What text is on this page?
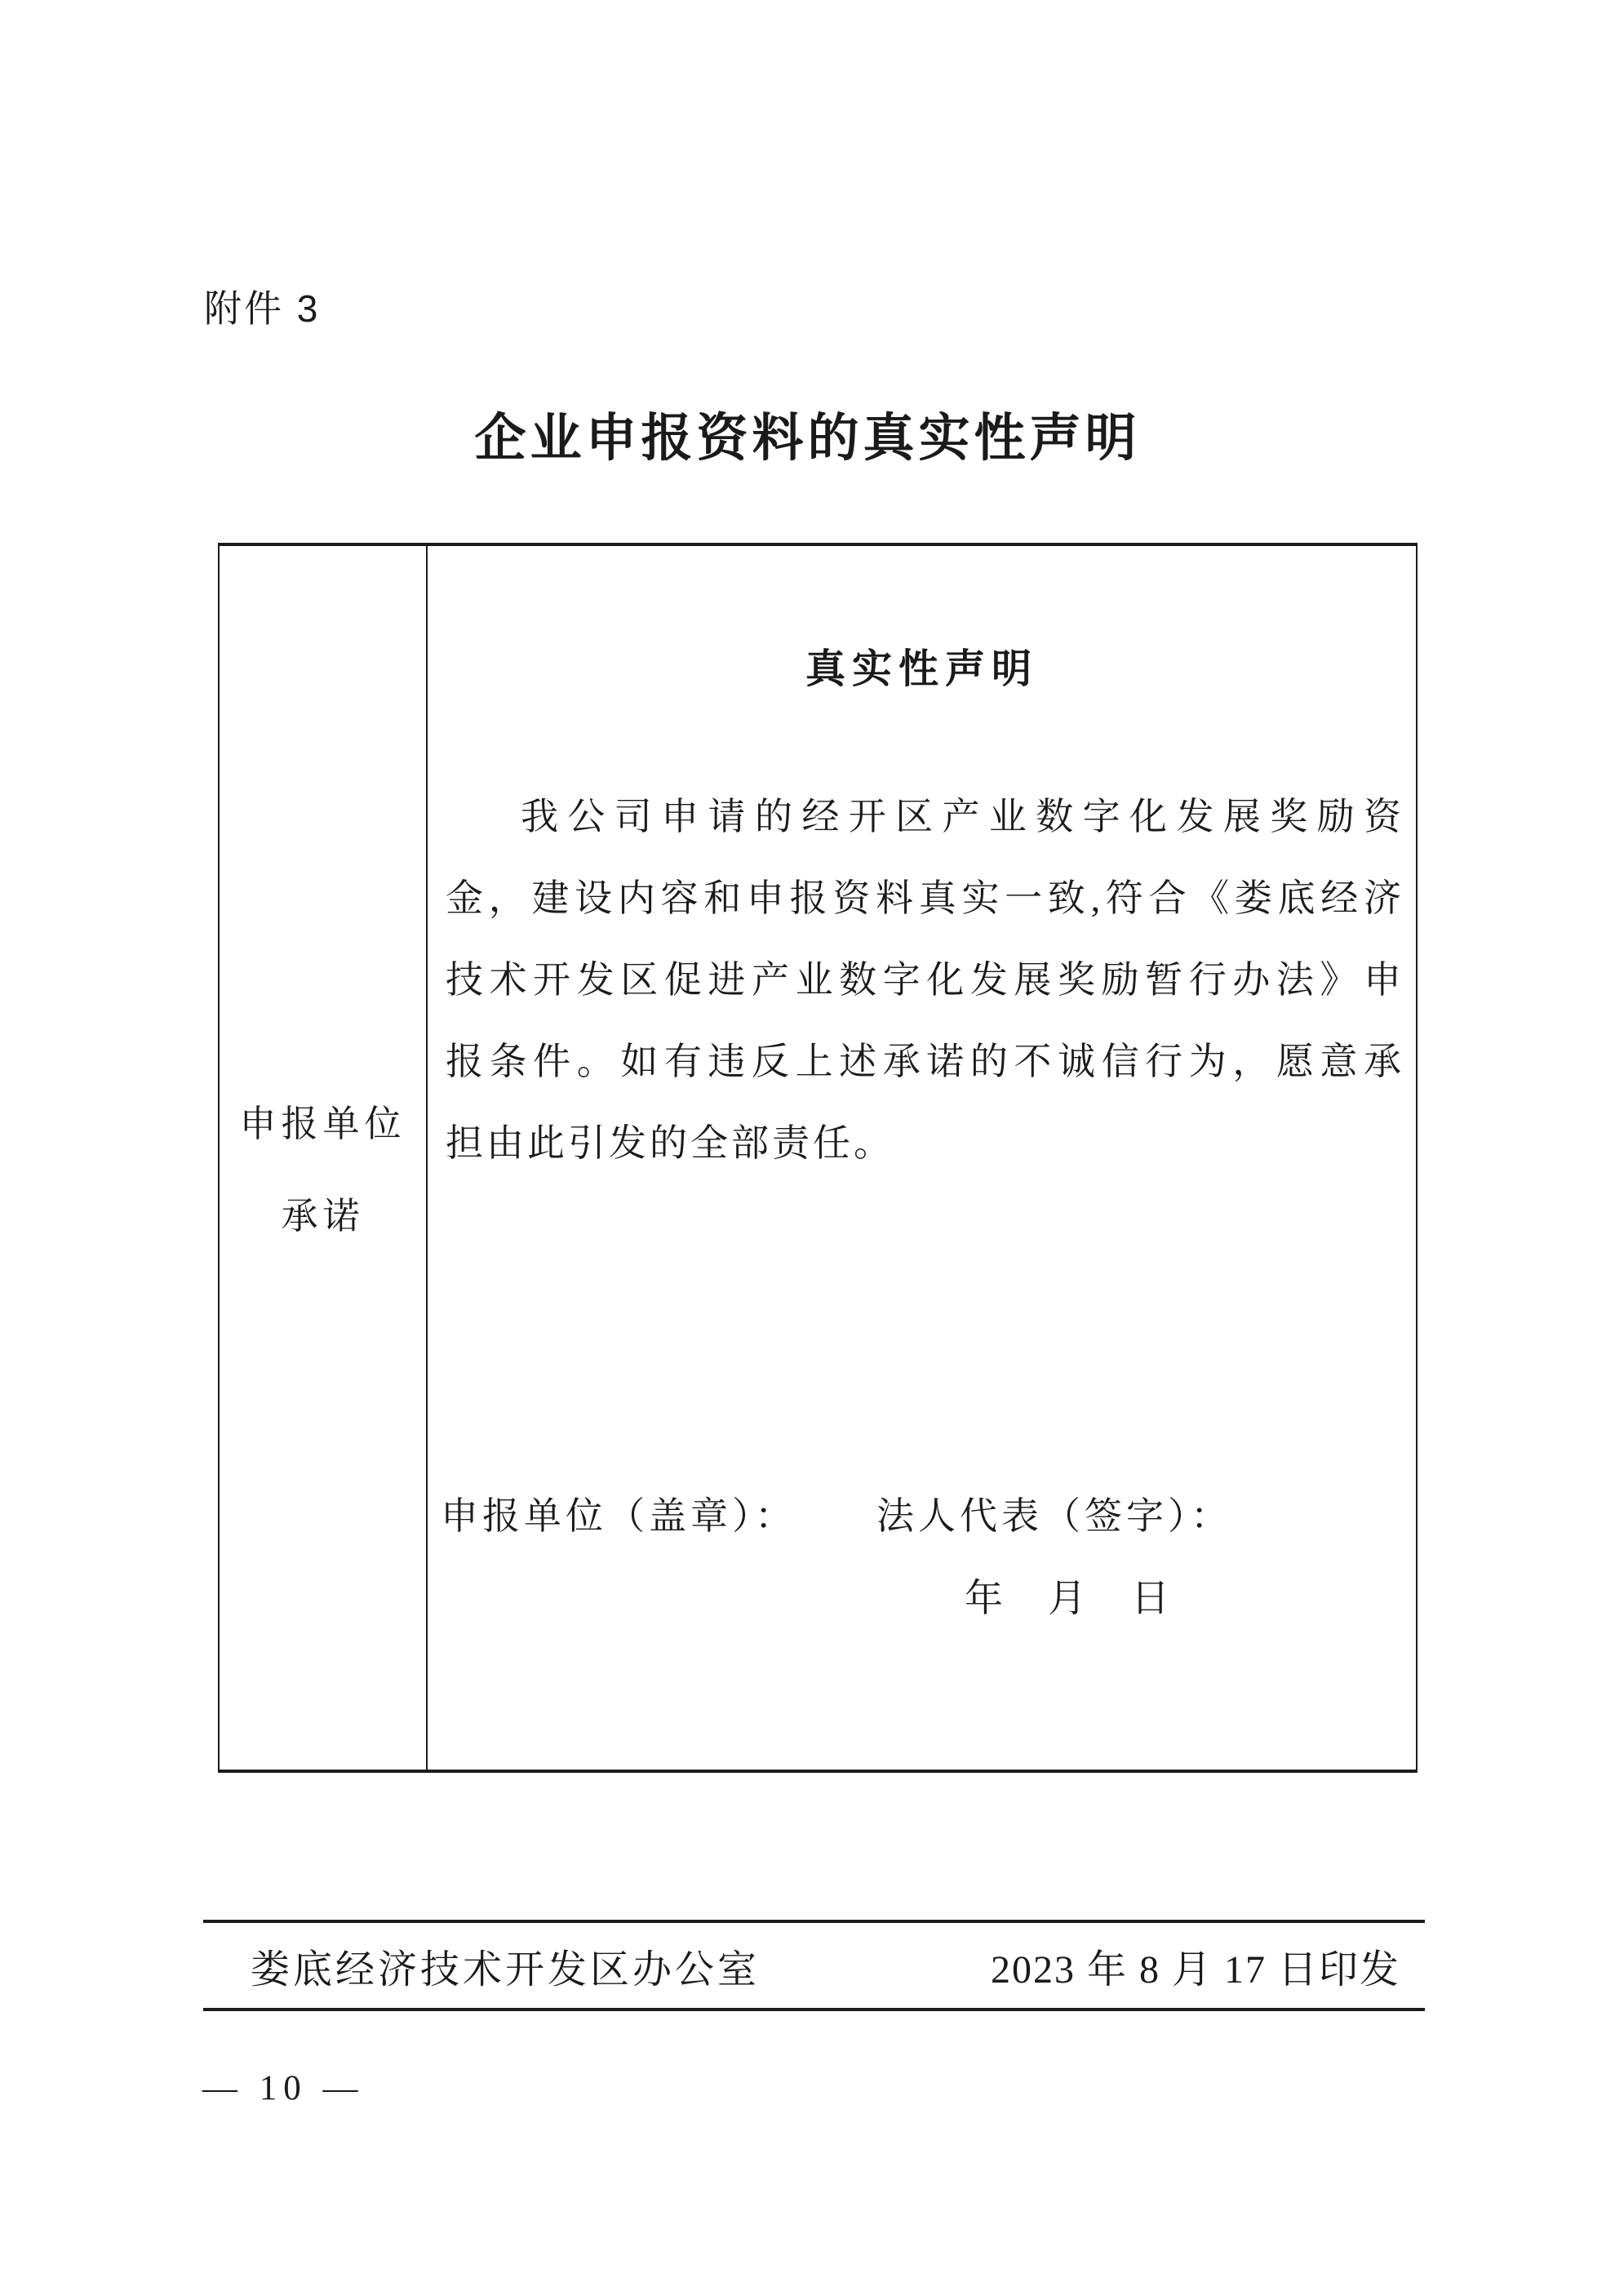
附件 3
企业申报资料的真实性声明
申报单位
承诺
真实性声明
我公司申请的经开区产业数字化发展奖励资
金，建设内容和申报资料真实一致,符合《娄底经济
技术开发区促进产业数字化发展奖励暂行办法》申
报条件。如有违反上述承诺的不诚信行为，愿意承
担由此引发的全部责任。
申报单位（盖章）： 法人代表（签字）：
年　月　日
娄底经济技术开发区办公室	2023 年 8 月 17 日印发
— 10 —
